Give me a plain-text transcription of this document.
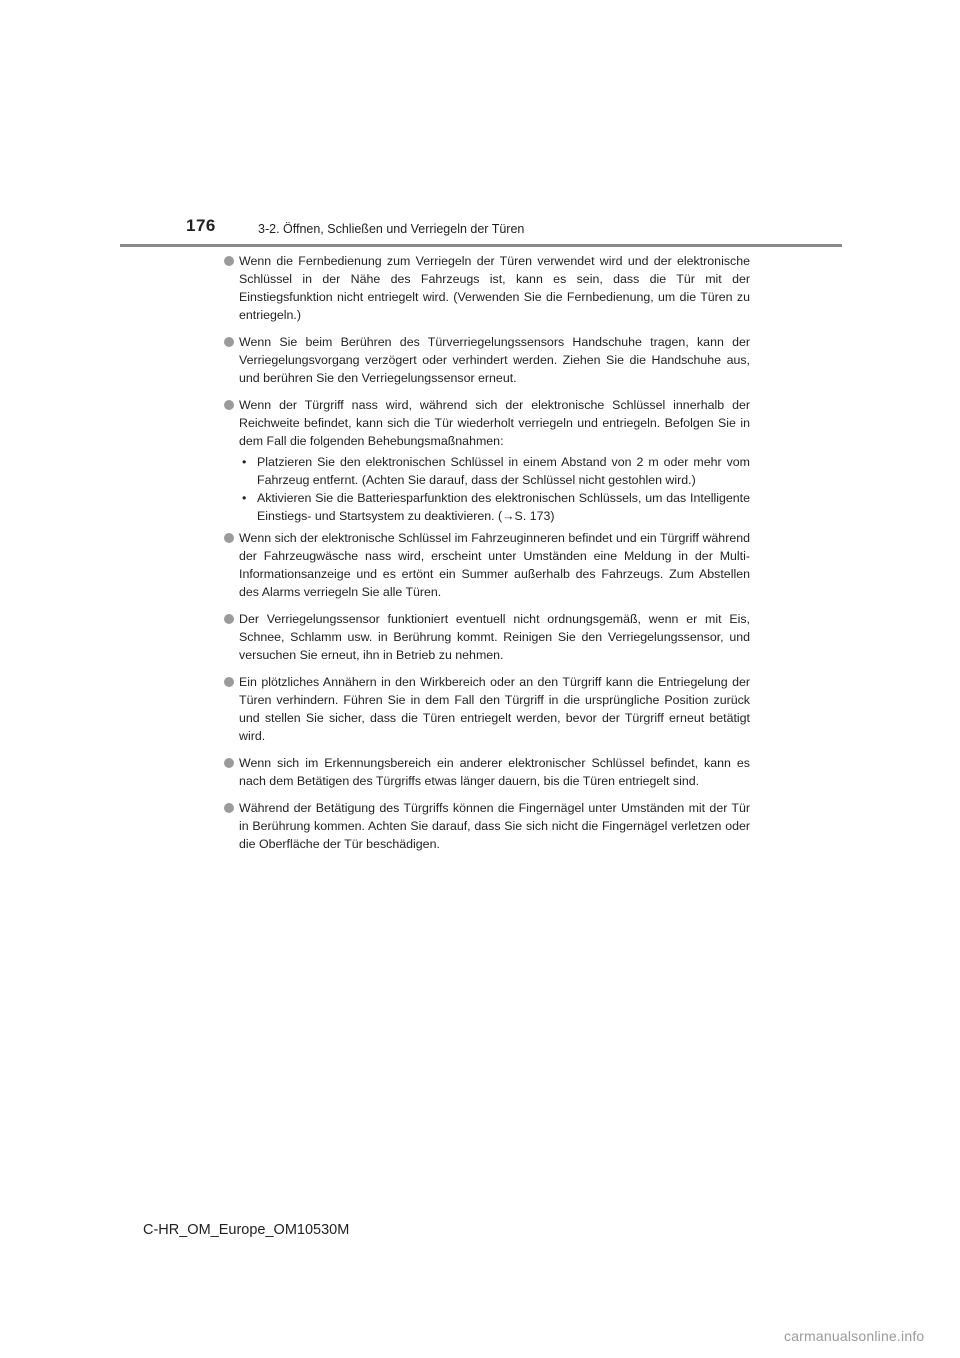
176	3-2. Öffnen, Schließen und Verriegeln der Türen
Wenn die Fernbedienung zum Verriegeln der Türen verwendet wird und der elektronische Schlüssel in der Nähe des Fahrzeugs ist, kann es sein, dass die Tür mit der Einstiegsfunktion nicht entriegelt wird. (Verwenden Sie die Fernbedienung, um die Türen zu entriegeln.)
Wenn Sie beim Berühren des Türverriegelungssensors Handschuhe tragen, kann der Verriegelungsvorgang verzögert oder verhindert werden. Ziehen Sie die Handschuhe aus, und berühren Sie den Verriegelungssensor erneut.
Wenn der Türgriff nass wird, während sich der elektronische Schlüssel innerhalb der Reichweite befindet, kann sich die Tür wiederholt verriegeln und entriegeln. Befolgen Sie in dem Fall die folgenden Behebungsmaßnahmen:
• Platzieren Sie den elektronischen Schlüssel in einem Abstand von 2 m oder mehr vom Fahrzeug entfernt. (Achten Sie darauf, dass der Schlüssel nicht gestohlen wird.)
• Aktivieren Sie die Batteriesparfunktion des elektronischen Schlüssels, um das Intelligente Einstiegs- und Startsystem zu deaktivieren. (→S. 173)
Wenn sich der elektronische Schlüssel im Fahrzeuginneren befindet und ein Türgriff während der Fahrzeugwäsche nass wird, erscheint unter Umständen eine Meldung in der Multi-Informationsanzeige und es ertönt ein Summer außerhalb des Fahrzeugs. Zum Abstellen des Alarms verriegeln Sie alle Türen.
Der Verriegelungssensor funktioniert eventuell nicht ordnungsgemäß, wenn er mit Eis, Schnee, Schlamm usw. in Berührung kommt. Reinigen Sie den Verriegelungssensor, und versuchen Sie erneut, ihn in Betrieb zu nehmen.
Ein plötzliches Annähern in den Wirkbereich oder an den Türgriff kann die Entriegelung der Türen verhindern. Führen Sie in dem Fall den Türgriff in die ursprüngliche Position zurück und stellen Sie sicher, dass die Türen entriegelt werden, bevor der Türgriff erneut betätigt wird.
Wenn sich im Erkennungsbereich ein anderer elektronischer Schlüssel befindet, kann es nach dem Betätigen des Türgriffs etwas länger dauern, bis die Türen entriegelt sind.
Während der Betätigung des Türgriffs können die Fingernägel unter Umständen mit der Tür in Berührung kommen. Achten Sie darauf, dass Sie sich nicht die Fingernägel verletzen oder die Oberfläche der Tür beschädigen.
C-HR_OM_Europe_OM10530M
carmanualsonline.info
